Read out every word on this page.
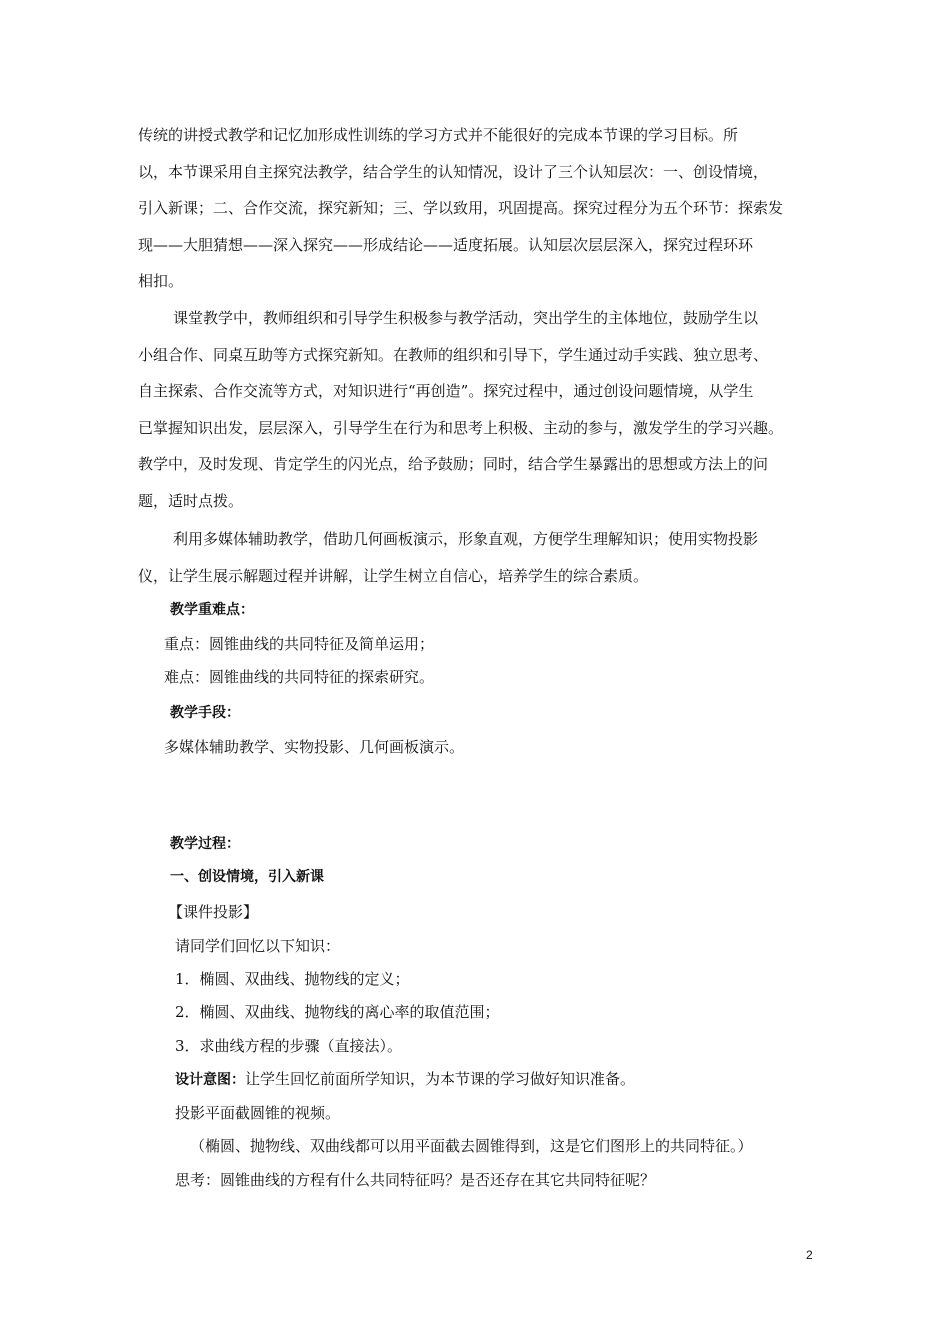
传统的讲授式教学和记忆加形成性训练的学习方式并不能很好的完成本节课的学习目标。所
以，本节课采用自主探究法教学，结合学生的认知情况，设计了三个认知层次：一、创设情境，
引入新课；二、合作交流，探究新知；三、学以致用，巩固提高。探究过程分为五个环节：探索发
现——大胆猜想——深入探究——形成结论——适度拓展。认知层次层层深入，探究过程环环
相扣。
课堂教学中，教师组织和引导学生积极参与教学活动，突出学生的主体地位，鼓励学生以
小组合作、同桌互助等方式探究新知。在教师的组织和引导下，学生通过动手实践、独立思考、
自主探索、合作交流等方式，对知识进行“再创造”。探究过程中，通过创设问题情境，从学生
已掌握知识出发，层层深入，引导学生在行为和思考上积极、主动的参与，激发学生的学习兴趣。
教学中，及时发现、肯定学生的闪光点，给予鼓励；同时，结合学生暴露出的思想或方法上的问
题，适时点拨。
利用多媒体辅助教学，借助几何画板演示，形象直观，方便学生理解知识；使用实物投影
仪，让学生展示解题过程并讲解，让学生树立自信心，培养学生的综合素质。
教学重难点：
重点：圆锥曲线的共同特征及简单运用；
难点：圆锥曲线的共同特征的探索研究。
教学手段：
多媒体辅助教学、实物投影、几何画板演示。
教学过程：
一、创设情境，引入新课
【课件投影】
请同学们回忆以下知识：
1．椭圆、双曲线、抛物线的定义；
2．椭圆、双曲线、抛物线的离心率的取值范围；
3．求曲线方程的步骤（直接法）。
设计意图：让学生回忆前面所学知识，为本节课的学习做好知识准备。
投影平面截圆锥的视频。
（椭圆、抛物线、双曲线都可以用平面截去圆锥得到，这是它们图形上的共同特征。）
思考：圆锥曲线的方程有什么共同特征吗？是否还存在其它共同特征呢？
2
